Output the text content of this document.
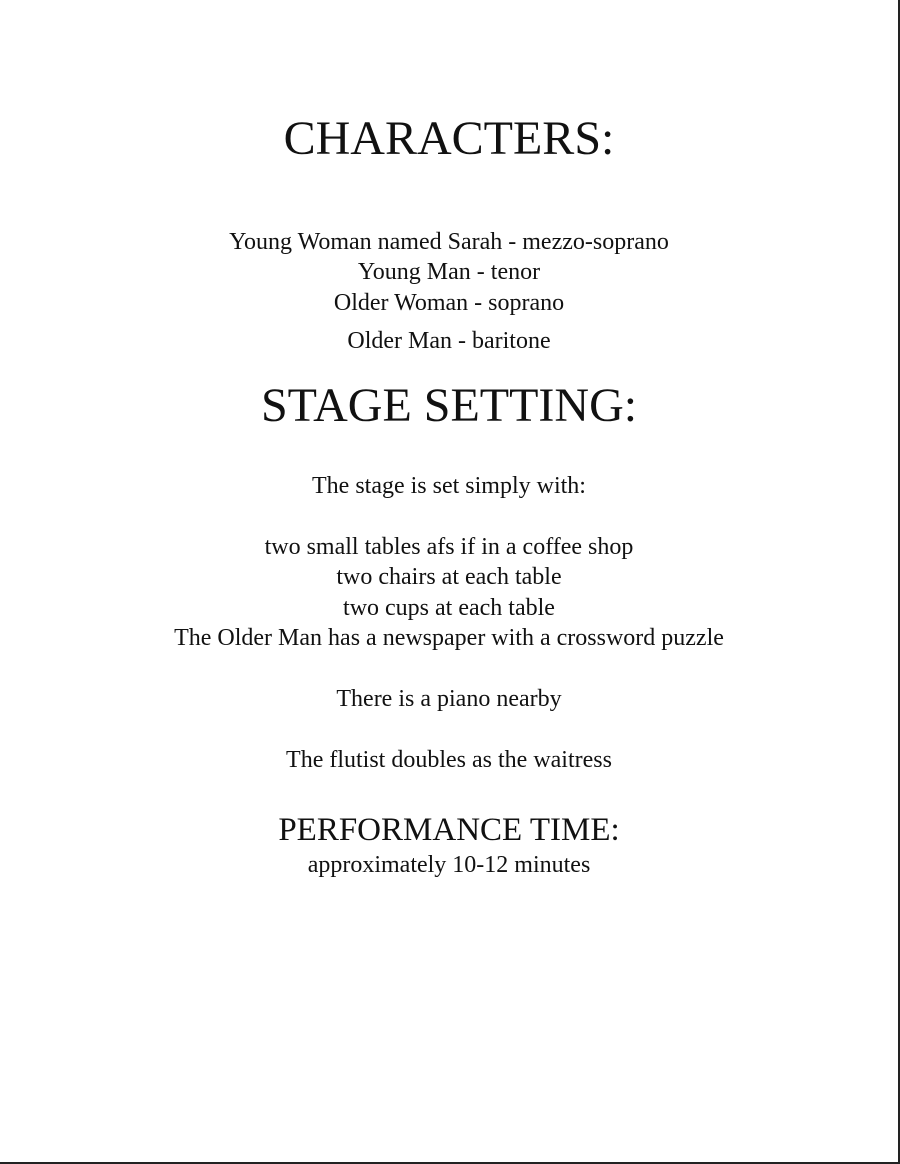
CHARACTERS:
Young Woman named Sarah - mezzo-soprano
Young Man - tenor
Older Woman - soprano
Older Man - baritone
STAGE SETTING:
The stage is set simply with:
two small tables afs if in a coffee shop
two chairs at each table
two cups at each table
The Older Man has a newspaper with a crossword puzzle
There is a piano nearby
The flutist doubles as the waitress
PERFORMANCE TIME:
approximately 10-12 minutes
